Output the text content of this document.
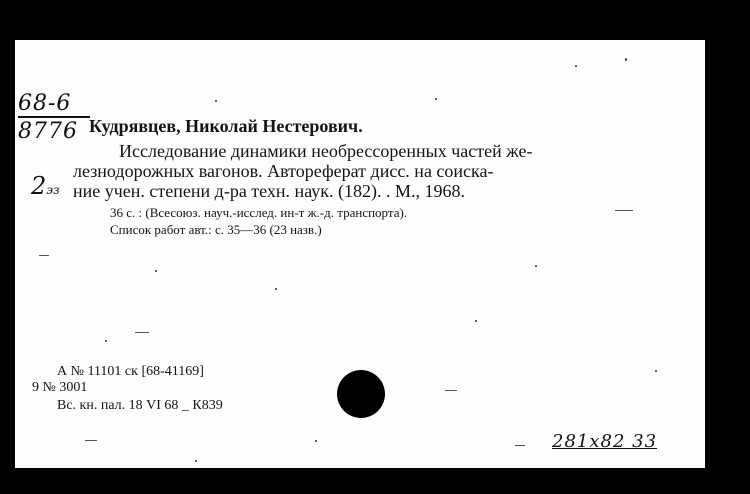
68-6
8776
2эз
Кудрявцев, Николай Нестерович.
Исследование динамики необрессоренных частей же-
лезнодорожных вагонов. Автореферат дисс. на соиска-
ние учен. степени д-ра техн. наук. (182). . М., 1968.
36 с. : (Всесоюз. науч.-исслед. ин-т ж.-д. транспорта).
Список работ авт.: с. 35—36 (23 назв.)
А № 11101 ск [68-41169]
9 № 3001
Вс. кн. пал. 18 VI 68 _ К839
281х82 33
